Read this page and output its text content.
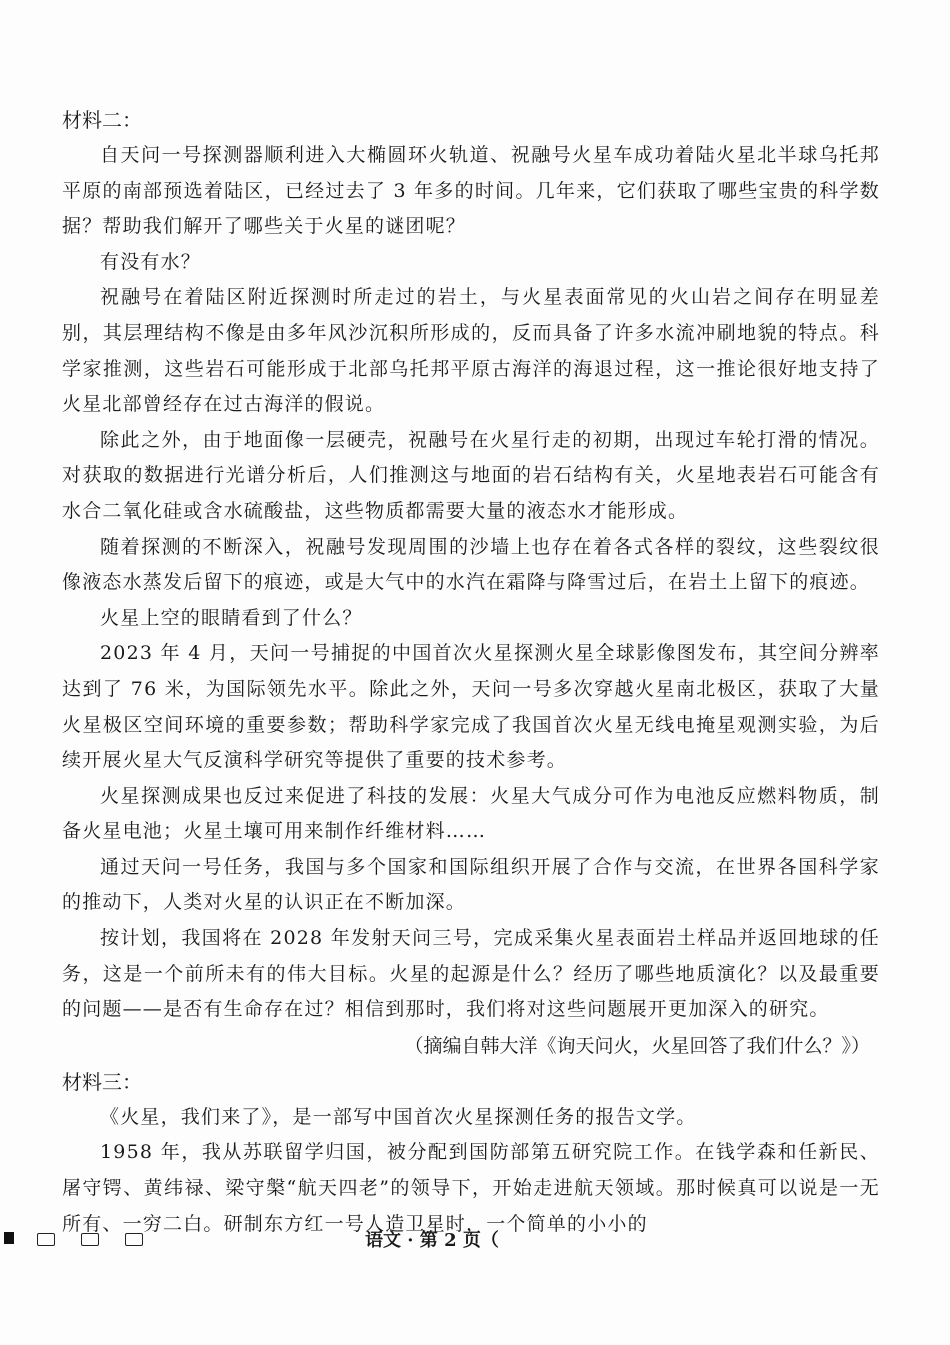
材料二：

自天问一号探测器顺利进入大椭圆环火轨道、祝融号火星车成功着陆火星北半球乌托邦平原的南部预选着陆区，已经过去了 3 年多的时间。几年来，它们获取了哪些宝贵的科学数据？帮助我们解开了哪些关于火星的谜团呢？

有没有水？

祝融号在着陆区附近探测时所走过的岩土，与火星表面常见的火山岩之间存在明显差别，其层理结构不像是由多年风沙沉积所形成的，反而具备了许多水流冲刷地貌的特点。科学家推测，这些岩石可能形成于北部乌托邦平原古海洋的海退过程，这一推论很好地支持了火星北部曾经存在过古海洋的假说。

除此之外，由于地面像一层硬壳，祝融号在火星行走的初期，出现过车轮打滑的情况。对获取的数据进行光谱分析后，人们推测这与地面的岩石结构有关，火星地表岩石可能含有水合二氧化硅或含水硫酸盐，这些物质都需要大量的液态水才能形成。

随着探测的不断深入，祝融号发现周围的沙墙上也存在着各式各样的裂纹，这些裂纹很像液态水蒸发后留下的痕迹，或是大气中的水汽在霜降与降雪过后，在岩土上留下的痕迹。

火星上空的眼睛看到了什么？

2023 年 4 月，天问一号捕捉的中国首次火星探测火星全球影像图发布，其空间分辨率达到了 76 米，为国际领先水平。除此之外，天问一号多次穿越火星南北极区，获取了大量火星极区空间环境的重要参数；帮助科学家完成了我国首次火星无线电掩星观测实验，为后续开展火星大气反演科学研究等提供了重要的技术参考。

火星探测成果也反过来促进了科技的发展：火星大气成分可作为电池反应燃料物质，制备火星电池；火星土壤可用来制作纤维材料……

通过天问一号任务，我国与多个国家和国际组织开展了合作与交流，在世界各国科学家的推动下，人类对火星的认识正在不断加深。

按计划，我国将在 2028 年发射天问三号，完成采集火星表面岩土样品并返回地球的任务，这是一个前所未有的伟大目标。火星的起源是什么？经历了哪些地质演化？以及最重要的问题——是否有生命存在过？相信到那时，我们将对这些问题展开更加深入的研究。

（摘编自韩大洋《询天问火，火星回答了我们什么？》）

材料三：

《火星，我们来了》，是一部写中国首次火星探测任务的报告文学。

1958 年，我从苏联留学归国，被分配到国防部第五研究院工作。在钱学森和任新民、屠守锷、黄纬禄、梁守槃“航天四老”的领导下，开始走进航天领域。那时候真可以说是一无所有、一穷二白。研制东方红一号人造卫星时，一个简单的小小的

语文 · 第 2 页（
